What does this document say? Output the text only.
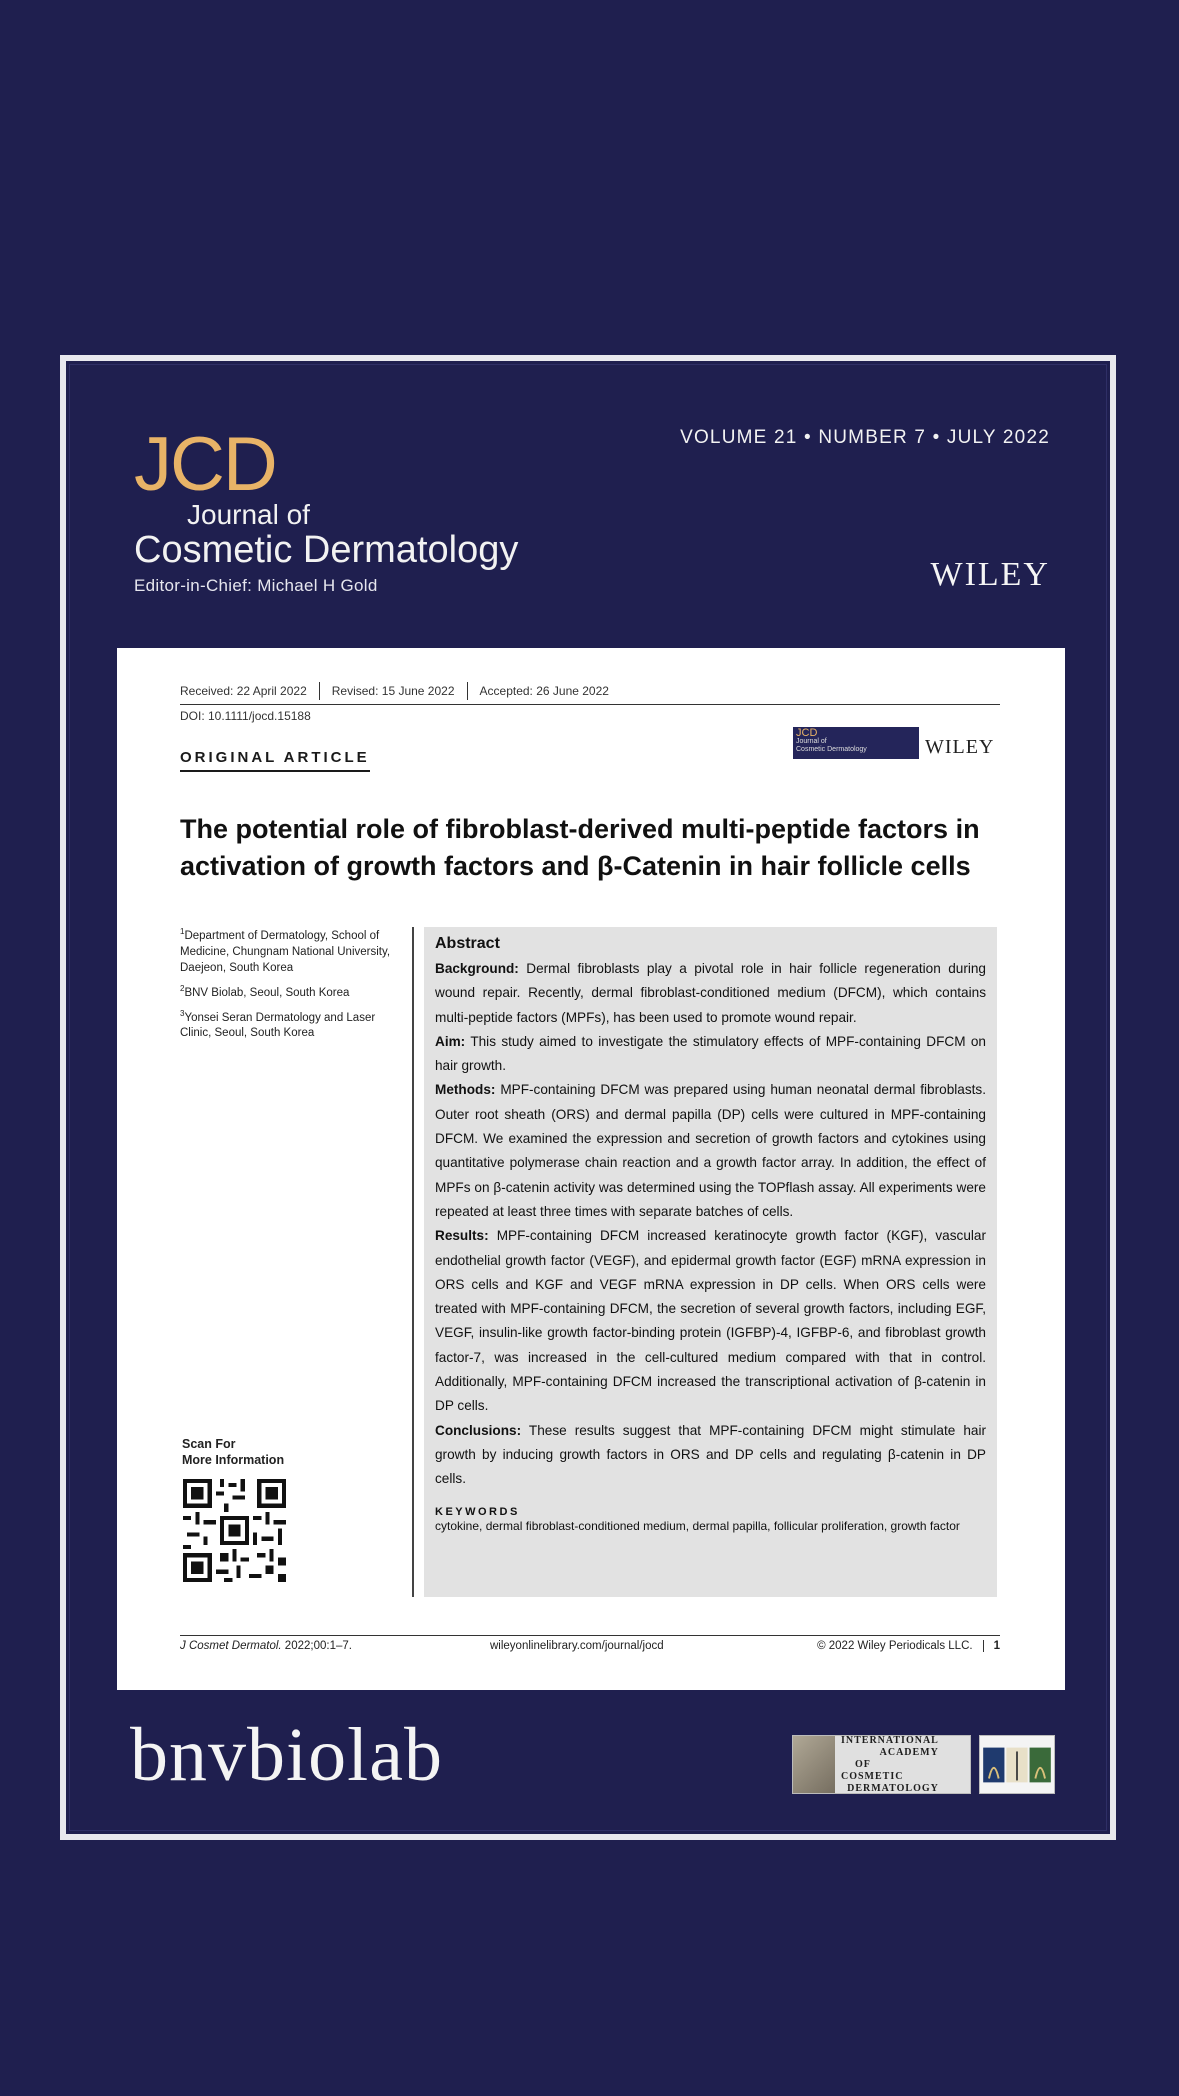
JCD
Journal of
Cosmetic Dermatology
Editor-in-Chief: Michael H Gold
VOLUME 21 • NUMBER 7 • JULY 2022
WILEY
Received: 22 April 2022	Revised: 15 June 2022	Accepted: 26 June 2022
DOI: 10.1111/jocd.15188
ORIGINAL ARTICLE
JCD
Journal of
Cosmetic Dermatology	WILEY
The potential role of fibroblast-derived multi-peptide factors in activation of growth factors and β-Catenin in hair follicle cells

$^1$Department of Dermatology, School of Medicine, Chungnam National University, Daejeon, South Korea

$^2$BNV Biolab, Seoul, South Korea

$^3$Yonsei Seran Dermatology and Laser Clinic, Seoul, South Korea

Abstract

Background: Dermal fibroblasts play a pivotal role in hair follicle regeneration during wound repair. Recently, dermal fibroblast-conditioned medium (DFCM), which contains multi-peptide factors (MPFs), has been used to promote wound repair.

Aim: This study aimed to investigate the stimulatory effects of MPF-containing DFCM on hair growth.

Methods: MPF-containing DFCM was prepared using human neonatal dermal fibroblasts. Outer root sheath (ORS) and dermal papilla (DP) cells were cultured in MPF-containing DFCM. We examined the expression and secretion of growth factors and cytokines using quantitative polymerase chain reaction and a growth factor array. In addition, the effect of MPFs on β-catenin activity was determined using the TOPflash assay. All experiments were repeated at least three times with separate batches of cells.

Results: MPF-containing DFCM increased keratinocyte growth factor (KGF), vascular endothelial growth factor (VEGF), and epidermal growth factor (EGF) mRNA expression in ORS cells and KGF and VEGF mRNA expression in DP cells. When ORS cells were treated with MPF-containing DFCM, the secretion of several growth factors, including EGF, VEGF, insulin-like growth factor-binding protein (IGFBP)-4, IGFBP-6, and fibroblast growth factor-7, was increased in the cell-cultured medium compared with that in control. Additionally, MPF-containing DFCM increased the transcriptional activation of β-catenin in DP cells.

Conclusions: These results suggest that MPF-containing DFCM might stimulate hair growth by inducing growth factors in ORS and DP cells and regulating β-catenin in DP cells.

KEYWORDS
cytokine, dermal fibroblast-conditioned medium, dermal papilla, follicular proliferation, growth factor
Scan For
More Information
J Cosmet Dermatol. 2022;00:1–7.	wileyonlinelibrary.com/journal/jocd	© 2022 Wiley Periodicals LLC.	1
bnvbiolab	INTERNATIONAL
ACADEMY
OF
COSMETIC
DERMATOLOGY
